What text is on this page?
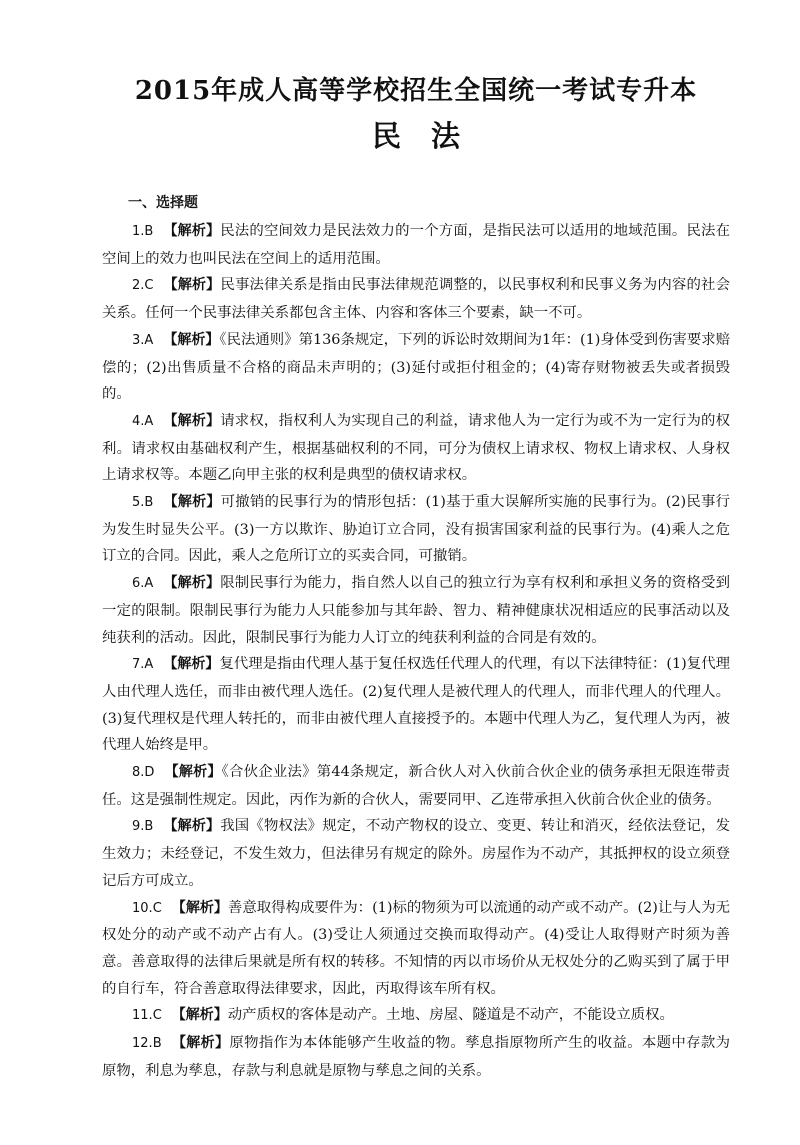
2015年成人高等学校招生全国统一考试专升本
民法
一、选择题

1.B 【解析】民法的空间效力是民法效力的一个方面，是指民法可以适用的地域范围。民法在空间上的效力也叫民法在空间上的适用范围。

2.C 【解析】民事法律关系是指由民事法律规范调整的，以民事权利和民事义务为内容的社会关系。任何一个民事法律关系都包含主体、内容和客体三个要素，缺一不可。

3.A 【解析】《民法通则》第136条规定，下列的诉讼时效期间为1年：(1)身体受到伤害要求赔偿的；(2)出售质量不合格的商品未声明的；(3)延付或拒付租金的；(4)寄存财物被丢失或者损毁的。

4.A 【解析】请求权，指权利人为实现自己的利益，请求他人为一定行为或不为一定行为的权利。请求权由基础权利产生，根据基础权利的不同，可分为债权上请求权、物权上请求权、人身权上请求权等。本题乙向甲主张的权利是典型的债权请求权。

5.B 【解析】可撤销的民事行为的情形包括：(1)基于重大误解所实施的民事行为。(2)民事行为发生时显失公平。(3)一方以欺诈、胁迫订立合同，没有损害国家利益的民事行为。(4)乘人之危订立的合同。因此，乘人之危所订立的买卖合同，可撤销。

6.A 【解析】限制民事行为能力，指自然人以自己的独立行为享有权利和承担义务的资格受到一定的限制。限制民事行为能力人只能参加与其年龄、智力、精神健康状况相适应的民事活动以及纯获利的活动。因此，限制民事行为能力人订立的纯获利利益的合同是有效的。

7.A 【解析】复代理是指由代理人基于复任权选任代理人的代理，有以下法律特征：(1)复代理人由代理人选任，而非由被代理人选任。(2)复代理人是被代理人的代理人，而非代理人的代理人。(3)复代理权是代理人转托的，而非由被代理人直接授予的。本题中代理人为乙，复代理人为丙，被代理人始终是甲。

8.D 【解析】《合伙企业法》第44条规定，新合伙人对入伙前合伙企业的债务承担无限连带责任。这是强制性规定。因此，丙作为新的合伙人，需要同甲、乙连带承担入伙前合伙企业的债务。

9.B 【解析】我国《物权法》规定，不动产物权的设立、变更、转让和消灭，经依法登记，发生效力；未经登记，不发生效力，但法律另有规定的除外。房屋作为不动产，其抵押权的设立须登记后方可成立。

10.C 【解析】善意取得构成要件为：(1)标的物须为可以流通的动产或不动产。(2)让与人为无权处分的动产或不动产占有人。(3)受让人须通过交换而取得动产。(4)受让人取得财产时须为善意。善意取得的法律后果就是所有权的转移。不知情的丙以市场价从无权处分的乙购买到了属于甲的自行车，符合善意取得法律要求，因此，丙取得该车所有权。

11.C 【解析】动产质权的客体是动产。土地、房屋、隧道是不动产，不能设立质权。

12.B 【解析】原物指作为本体能够产生收益的物。孳息指原物所产生的收益。本题中存款为原物，利息为孳息，存款与利息就是原物与孳息之间的关系。
